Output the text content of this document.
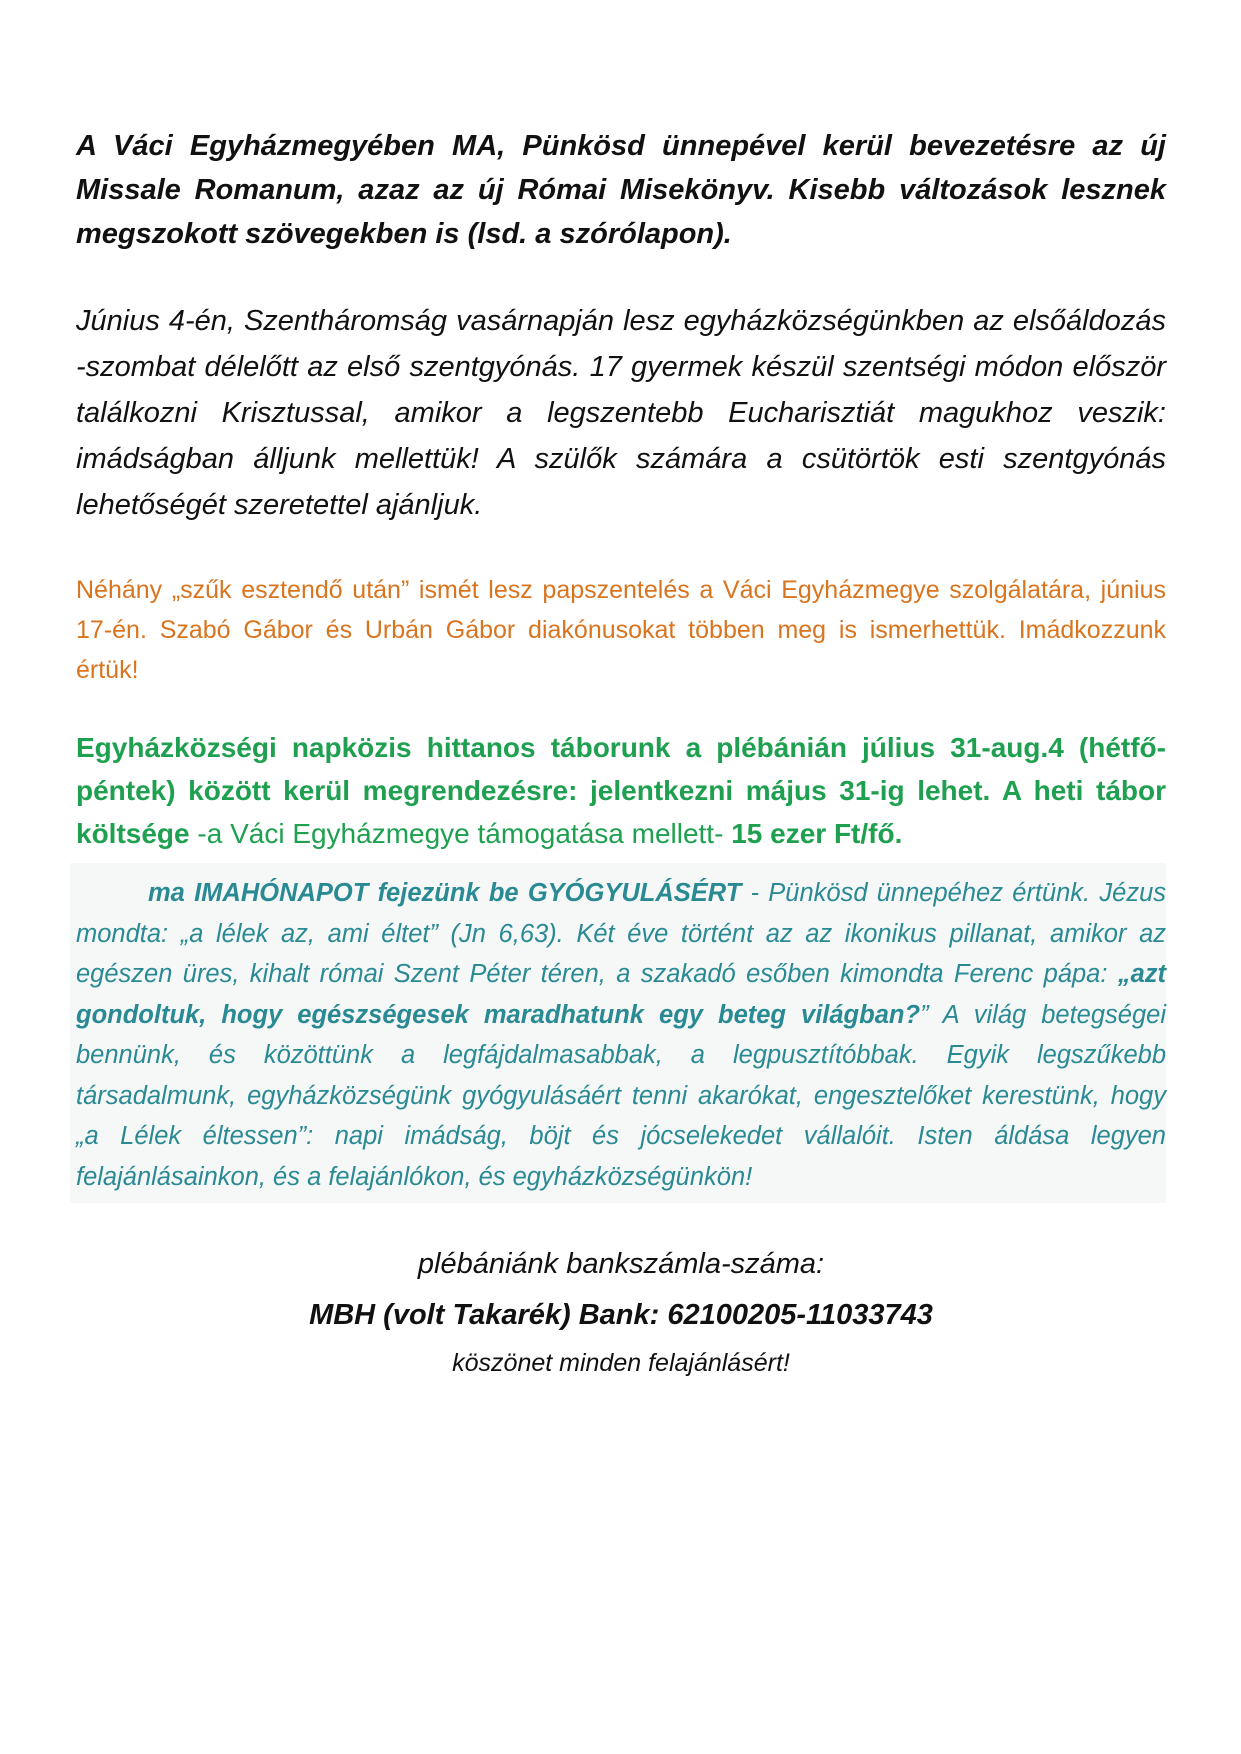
A Váci Egyházmegyében MA, Pünkösd ünnepével kerül bevezetésre az új Missale Romanum, azaz az új Római Misekönyv. Kisebb változások lesznek megszokott szövegekben is (lsd. a szórólapon).

Június 4-én, Szentháromság vasárnapján lesz egyházközségünkben az elsőáldozás -szombat délelőtt az első szentgyónás. 17 gyermek készül szentségi módon először találkozni Krisztussal, amikor a legszentebb Eucharisztiát magukhoz veszik: imádságban álljunk mellettük! A szülők számára a csütörtök esti szentgyónás lehetőségét szeretettel ajánljuk.

Néhány „szűk esztendő után” ismét lesz papszentelés a Váci Egyházmegye szolgálatára, június 17-én. Szabó Gábor és Urbán Gábor diakónusokat többen meg is ismerhettük. Imádkozzunk értük!

Egyházközségi napközis hittanos táborunk a plébánián július 31-aug.4 (hétfő-péntek) között kerül megrendezésre: jelentkezni május 31-ig lehet. A heti tábor költsége -a Váci Egyházmegye támogatása mellett- 15 ezer Ft/fő.

ma IMAHÓNAPOT fejezünk be GYÓGYULÁSÉRT - Pünkösd ünnepéhez értünk. Jézus mondta: „a lélek az, ami éltet” (Jn 6,63). Két éve történt az az ikonikus pillanat, amikor az egészen üres, kihalt római Szent Péter téren, a szakadó esőben kimondta Ferenc pápa: „azt gondoltuk, hogy egészségesek maradhatunk egy beteg világban?” A világ betegségei bennünk, és közöttünk a legfájdalmasabbak, a legpusztítóbbak. Egyik legszűkebb társadalmunk, egyházközségünk gyógyulásáért tenni akarókat, engesztelőket kerestünk, hogy „a Lélek éltessen”: napi imádság, böjt és jócselekedet vállalóit. Isten áldása legyen felajánlásainkon, és a felajánlókon, és egyházközségünkön!

plébániánk bankszámla-száma:
MBH (volt Takarék) Bank: 62100205-11033743
köszönet minden felajánlásért!
